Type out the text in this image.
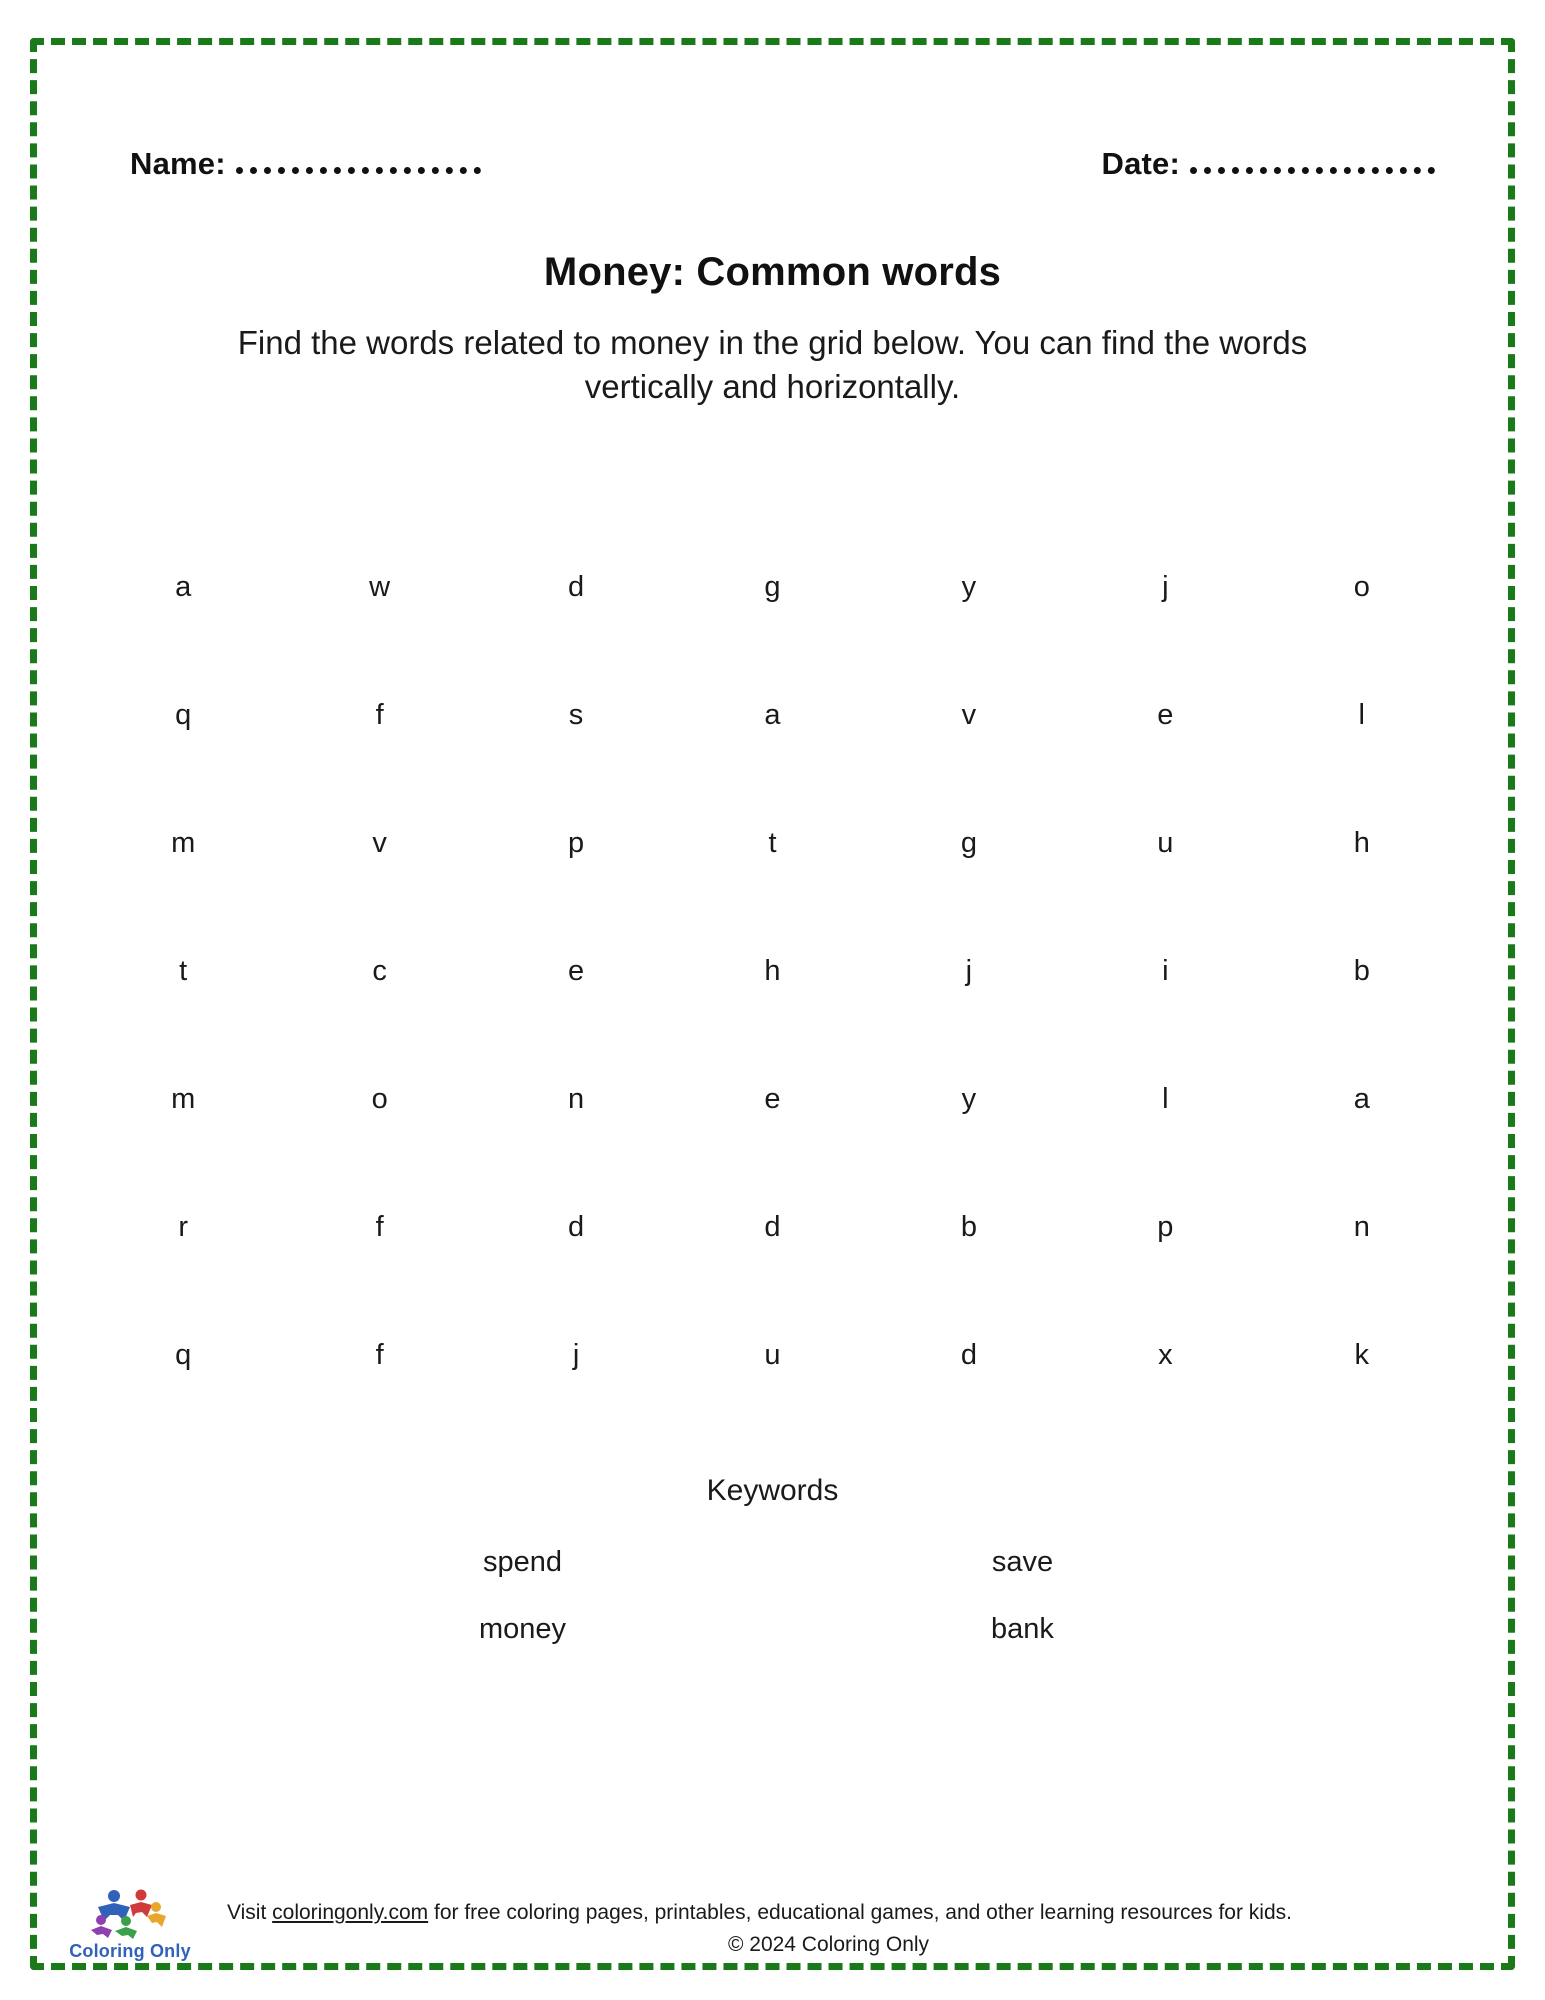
Name:	Date:
Money: Common words
Find the words related to money in the grid below. You can find the words vertically and horizontally.
a	w	d	g	y	j	o
q	f	s	a	v	e	l
m	v	p	t	g	u	h
t	c	e	h	j	i	b
m	o	n	e	y	l	a
r	f	d	d	b	p	n
q	f	j	u	d	x	k
Keywords
spend	save
money	bank
Coloring Only
Visit coloringonly.com for free coloring pages, printables, educational games, and other learning resources for kids.
© 2024 Coloring Only
